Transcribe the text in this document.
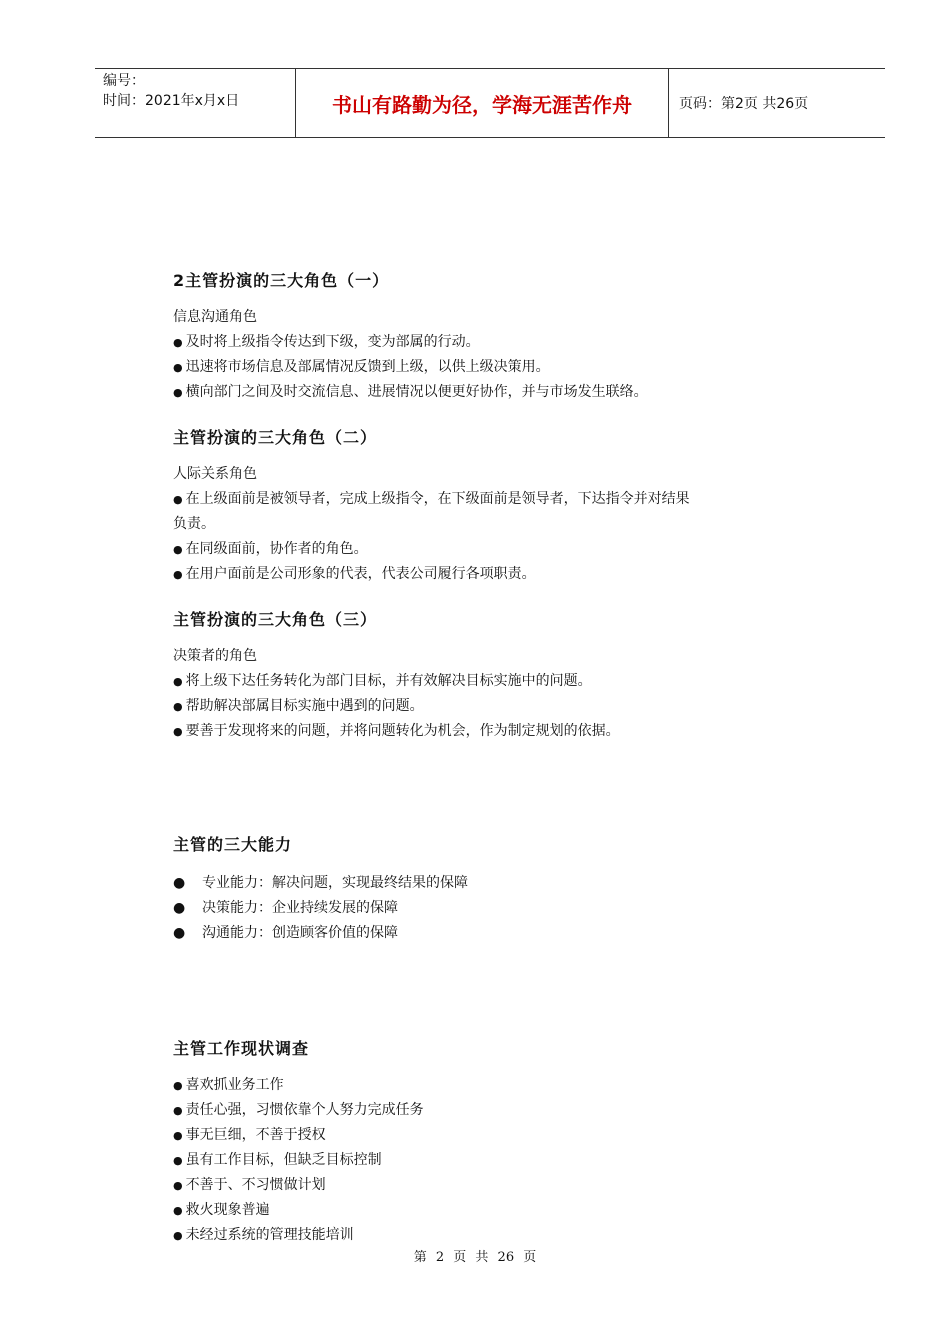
编号：
时间：2021年x月x日	书山有路勤为径，学海无涯苦作舟	页码：第2页 共26页
2主管扮演的三大角色（一）

信息沟通角色

● 及时将上级指令传达到下级，变为部属的行动。

● 迅速将市场信息及部属情况反馈到上级，以供上级决策用。

● 横向部门之间及时交流信息、进展情况以便更好协作，并与市场发生联络。

主管扮演的三大角色（二）

人际关系角色

● 在上级面前是被领导者，完成上级指令，在下级面前是领导者，下达指令并对结果

负责。

● 在同级面前，协作者的角色。

● 在用户面前是公司形象的代表，代表公司履行各项职责。

主管扮演的三大角色（三）

决策者的角色

● 将上级下达任务转化为部门目标，并有效解决目标实施中的问题。

● 帮助解决部属目标实施中遇到的问题。

● 要善于发现将来的问题，并将问题转化为机会，作为制定规划的依据。

主管的三大能力
●	专业能力：解决问题，实现最终结果的保障
●	决策能力：企业持续发展的保障
●	沟通能力：创造顾客价值的保障
主管工作现状调查

● 喜欢抓业务工作

● 责任心强，习惯依靠个人努力完成任务

● 事无巨细，不善于授权

● 虽有工作目标，但缺乏目标控制

● 不善于、不习惯做计划

● 救火现象普遍

● 未经过系统的管理技能培训

第 2 页 共 26 页
